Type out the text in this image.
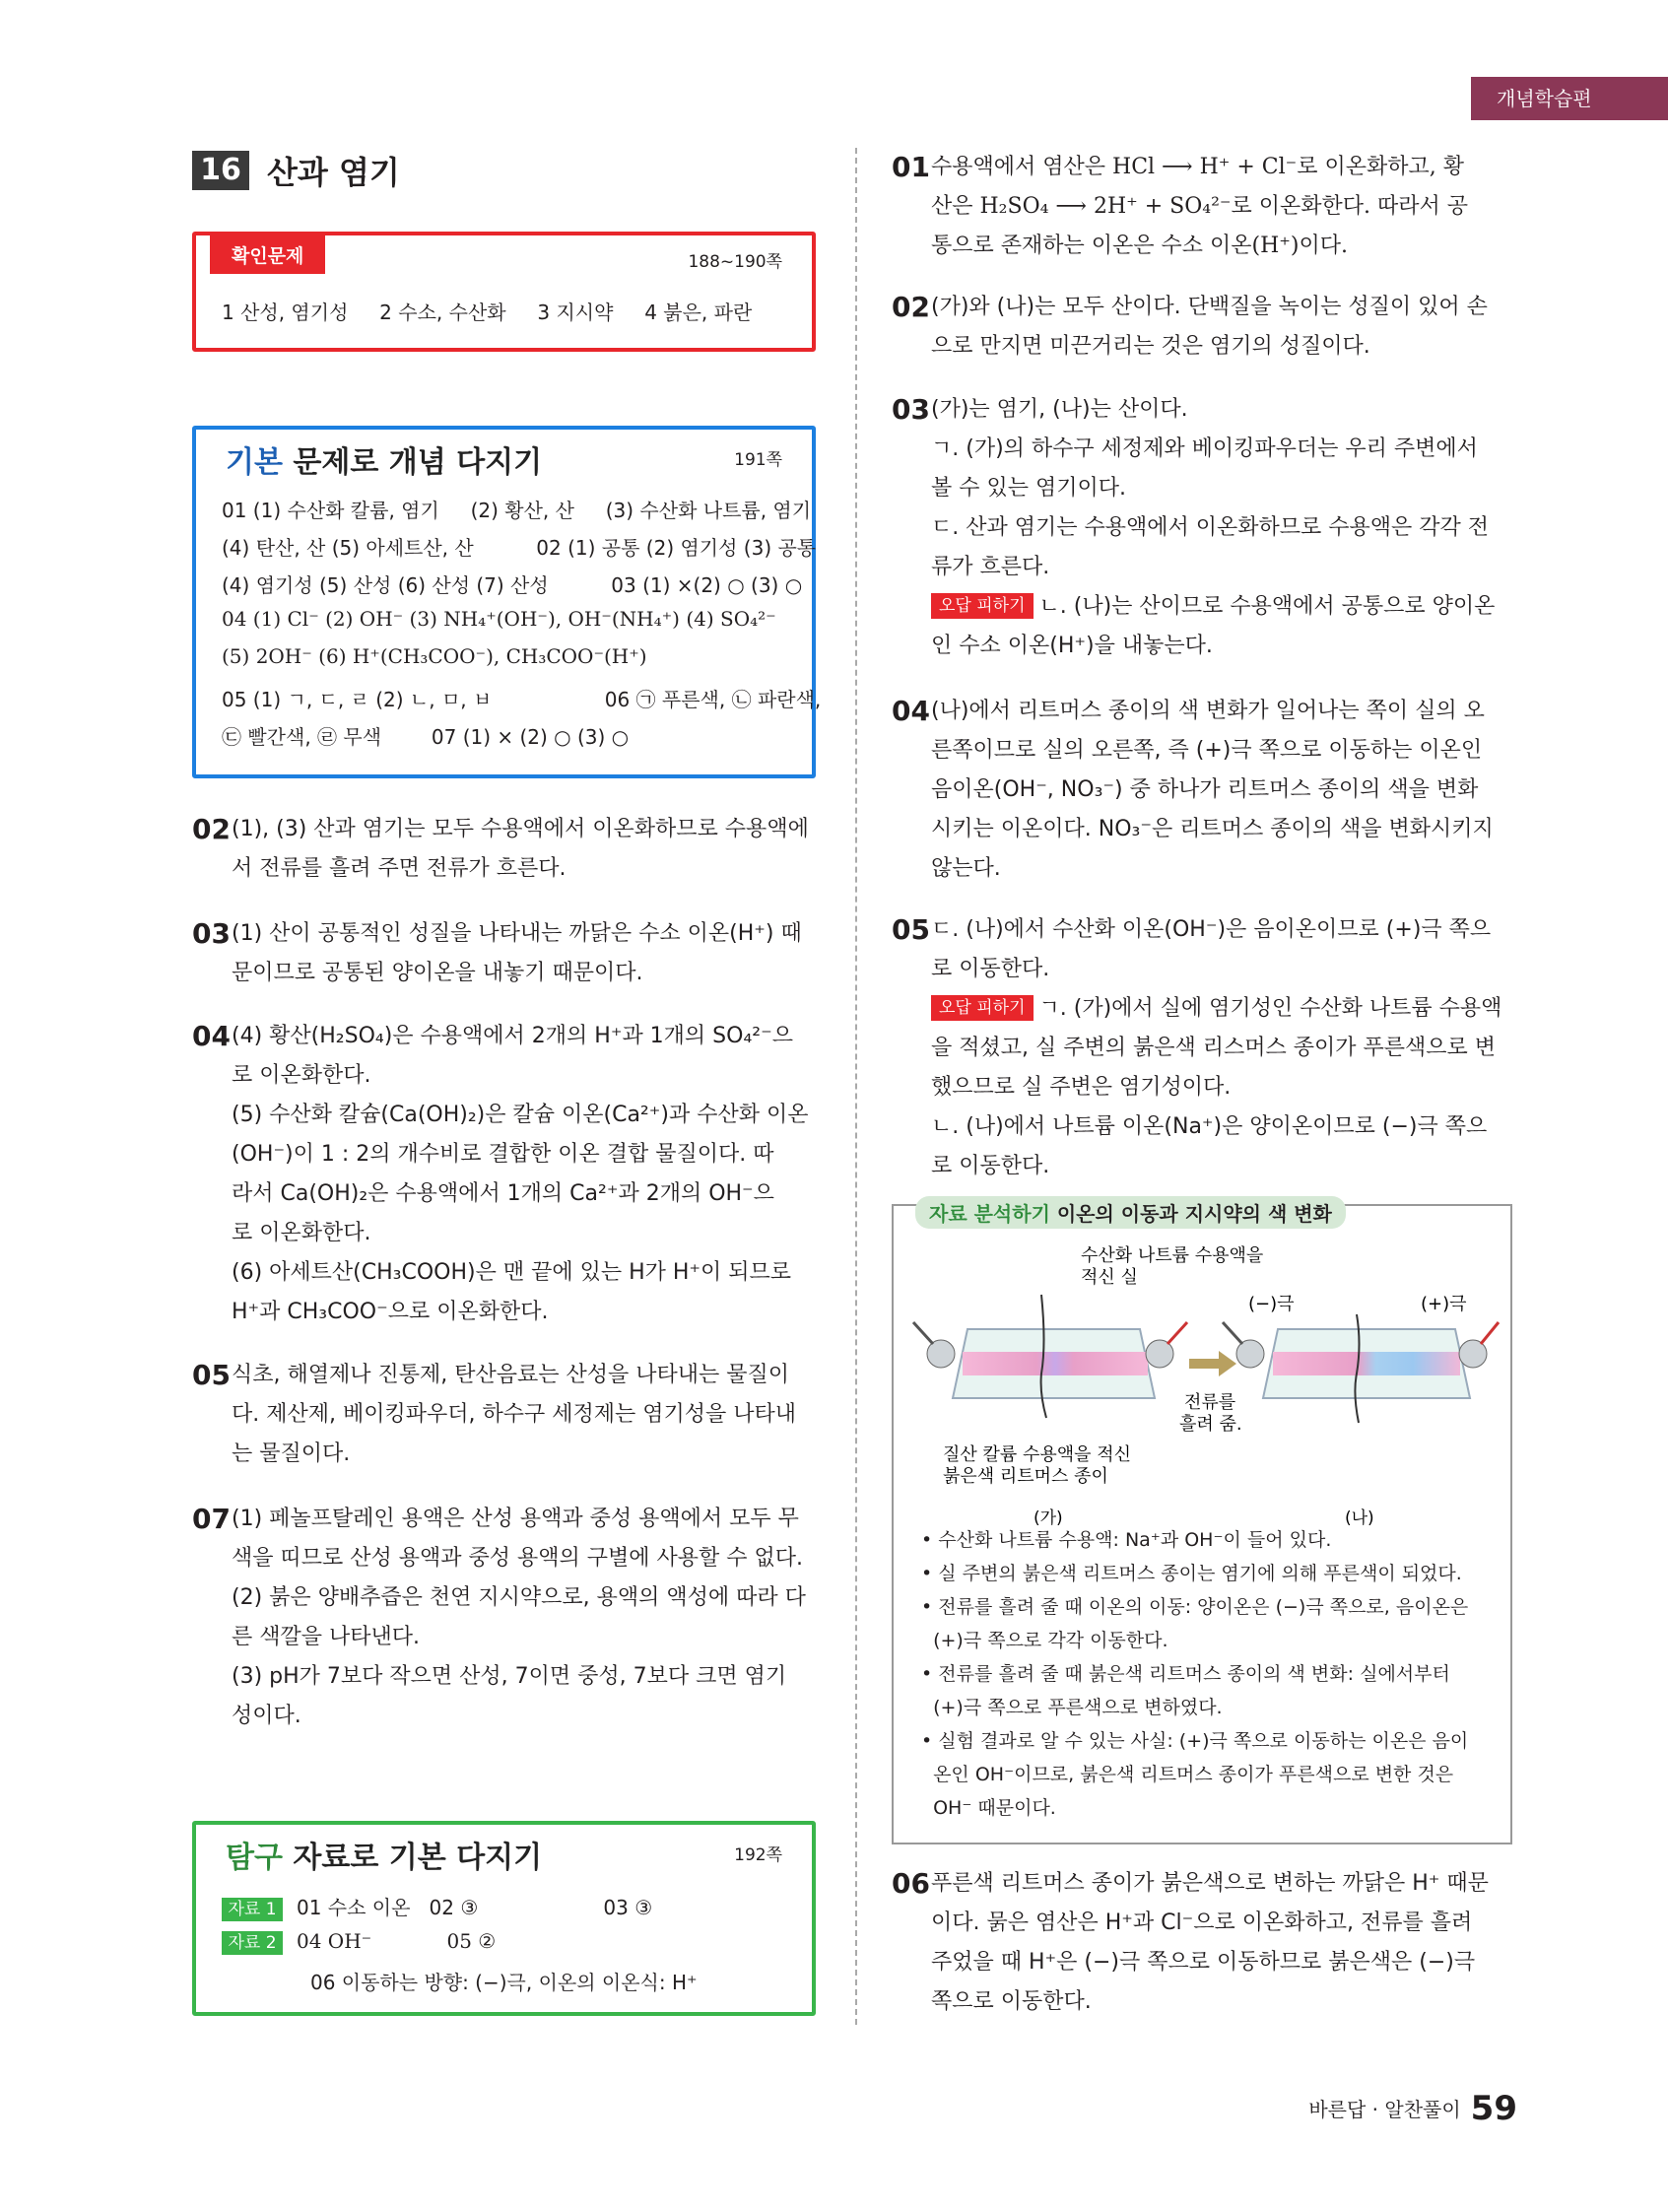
개념학습편
16 산과 염기
확인문제	188~190쪽
1 산성, 염기성     2 수소, 수산화     3 지시약     4 붉은, 파란
기본 문제로 개념 다지기	191쪽
01 (1) 수산화 칼륨, 염기     (2) 황산, 산     (3) 수산화 나트륨, 염기
(4) 탄산, 산 (5) 아세트산, 산          02 (1) 공통 (2) 염기성 (3) 공통
(4) 염기성 (5) 산성 (6) 산성 (7) 산성          03 (1) ×(2) ○ (3) ○
04 (1) Cl⁻ (2) OH⁻ (3) NH₄⁺(OH⁻), OH⁻(NH₄⁺) (4) SO₄²⁻
(5) 2OH⁻ (6) H⁺(CH₃COO⁻), CH₃COO⁻(H⁺)
05 (1) ㄱ, ㄷ, ㄹ (2) ㄴ, ㅁ, ㅂ                  06 ㉠ 푸른색, ㉡ 파란색,
㉢ 빨간색, ㉣ 무색        07 (1) × (2) ○ (3) ○
02 (1), (3) 산과 염기는 모두 수용액에서 이온화하므로 수용액에
서 전류를 흘려 주면 전류가 흐른다.
03 (1) 산이 공통적인 성질을 나타내는 까닭은 수소 이온(H⁺) 때
문이므로 공통된 양이온을 내놓기 때문이다.
04 (4) 황산(H₂SO₄)은 수용액에서 2개의 H⁺과 1개의 SO₄²⁻으
로 이온화한다.
(5) 수산화 칼슘(Ca(OH)₂)은 칼슘 이온(Ca²⁺)과 수산화 이온
(OH⁻)이 1 : 2의 개수비로 결합한 이온 결합 물질이다. 따
라서 Ca(OH)₂은 수용액에서 1개의 Ca²⁺과 2개의 OH⁻으
로 이온화한다.
(6) 아세트산(CH₃COOH)은 맨 끝에 있는 H가 H⁺이 되므로
H⁺과 CH₃COO⁻으로 이온화한다.
05 식초, 해열제나 진통제, 탄산음료는 산성을 나타내는 물질이
다. 제산제, 베이킹파우더, 하수구 세정제는 염기성을 나타내
는 물질이다.
07 (1) 페놀프탈레인 용액은 산성 용액과 중성 용액에서 모두 무
색을 띠므로 산성 용액과 중성 용액의 구별에 사용할 수 없다.
(2) 붉은 양배추즙은 천연 지시약으로, 용액의 액성에 따라 다
른 색깔을 나타낸다.
(3) pH가 7보다 작으면 산성, 7이면 중성, 7보다 크면 염기
성이다.
탐구 자료로 기본 다지기	192쪽
자료 1 01 수소 이온   02 ③                    03 ③
자료 2 04 OH⁻            05 ②
06 이동하는 방향: (−)극, 이온의 이온식: H⁺
01 수용액에서 염산은 HCl ⟶ H⁺ + Cl⁻로 이온화하고, 황
산은 H₂SO₄ ⟶ 2H⁺ + SO₄²⁻로 이온화한다. 따라서 공
통으로 존재하는 이온은 수소 이온(H⁺)이다.
02 (가)와 (나)는 모두 산이다. 단백질을 녹이는 성질이 있어 손
으로 만지면 미끈거리는 것은 염기의 성질이다.
03 (가)는 염기, (나)는 산이다.
ㄱ. (가)의 하수구 세정제와 베이킹파우더는 우리 주변에서
볼 수 있는 염기이다.
ㄷ. 산과 염기는 수용액에서 이온화하므로 수용액은 각각 전
류가 흐른다.
오답 피하기 ㄴ. (나)는 산이므로 수용액에서 공통으로 양이온
인 수소 이온(H⁺)을 내놓는다.
04 (나)에서 리트머스 종이의 색 변화가 일어나는 쪽이 실의 오
른쪽이므로 실의 오른쪽, 즉 (+)극 쪽으로 이동하는 이온인
음이온(OH⁻, NO₃⁻) 중 하나가 리트머스 종이의 색을 변화
시키는 이온이다. NO₃⁻은 리트머스 종이의 색을 변화시키지
않는다.
05 ㄷ. (나)에서 수산화 이온(OH⁻)은 음이온이므로 (+)극 쪽으
로 이동한다.
오답 피하기 ㄱ. (가)에서 실에 염기성인 수산화 나트륨 수용액
을 적셨고, 실 주변의 붉은색 리스머스 종이가 푸른색으로 변
했으므로 실 주변은 염기성이다.
ㄴ. (나)에서 나트륨 이온(Na⁺)은 양이온이므로 (−)극 쪽으
로 이동한다.
자료 분석하기 이온의 이동과 지시약의 색 변화
수산화 나트륨 수용액을
적신 실
전류를
흘려 줌.
(−)극	(+)극
질산 칼륨 수용액을 적신
붉은색 리트머스 종이
(가)	(나)
• 수산화 나트륨 수용액: Na⁺과 OH⁻이 들어 있다.
• 실 주변의 붉은색 리트머스 종이는 염기에 의해 푸른색이 되었다.
• 전류를 흘려 줄 때 이온의 이동: 양이온은 (−)극 쪽으로, 음이온은
(+)극 쪽으로 각각 이동한다.
• 전류를 흘려 줄 때 붉은색 리트머스 종이의 색 변화: 실에서부터
(+)극 쪽으로 푸른색으로 변하였다.
• 실험 결과로 알 수 있는 사실: (+)극 쪽으로 이동하는 이온은 음이
온인 OH⁻이므로, 붉은색 리트머스 종이가 푸른색으로 변한 것은
OH⁻ 때문이다.
06 푸른색 리트머스 종이가 붉은색으로 변하는 까닭은 H⁺ 때문
이다. 묽은 염산은 H⁺과 Cl⁻으로 이온화하고, 전류를 흘려
주었을 때 H⁺은 (−)극 쪽으로 이동하므로 붉은색은 (−)극
쪽으로 이동한다.
바른답 · 알찬풀이 59
